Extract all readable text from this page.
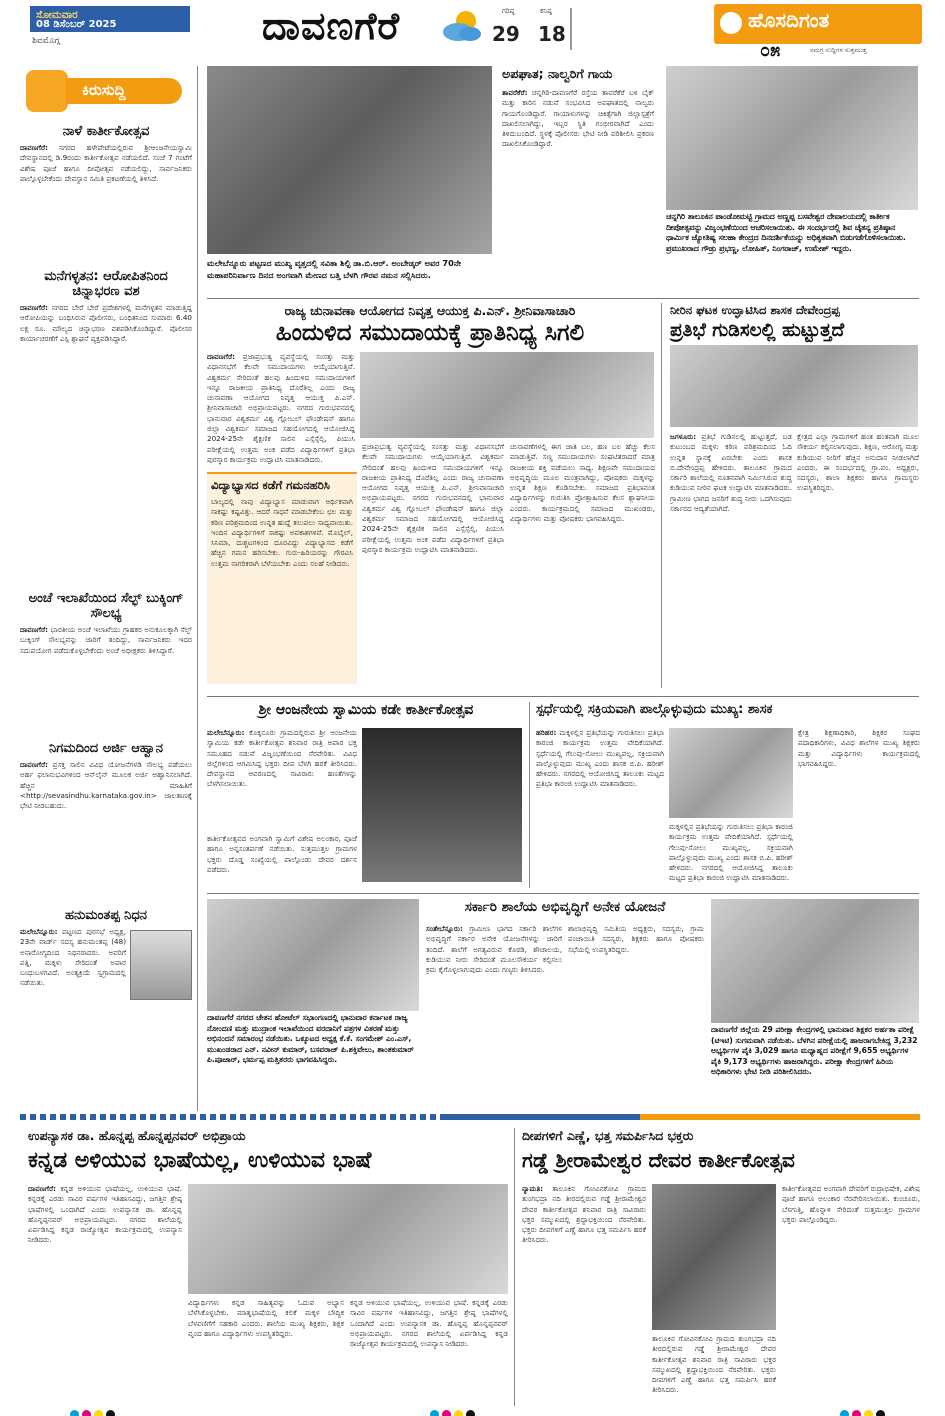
ಸೋಮವಾರ
08 ಡಿಸೆಂಬರ್ 2025
ಶಿವಮೊಗ್ಗ	ದಾವಣಗೆರೆ	ಗರಿಷ್ಠ
29
ಕನಿಷ್ಠ
18
ಹೊಸದಿಗಂತ
ಸಮಗ್ರ ಸುದ್ದಿಗಳ ಸುತ್ತಮುತ್ತ
೦೫
ಕಿರುಸುದ್ದಿ
ನಾಳೆ ಕಾರ್ತೀಕೋತ್ಸವ
ದಾವಣಗೆರೆ: ನಗರದ ಹಳೇಪೇಟೆಯಲ್ಲಿರುವ ಶ್ರೀಆಂಜನೇಯಸ್ವಾಮಿ ದೇವಸ್ಥಾನದಲ್ಲಿ ಡಿ.9ರಂದು ಕಾರ್ತೀಕೋತ್ಸವ ನಡೆಯಲಿದೆ. ಸಂಜೆ 7 ಗಂಟೆಗೆ ವಿಶೇಷ ಪೂಜೆ ಹಾಗೂ ದೀಪೋತ್ಸವ ನಡೆಯಲಿದ್ದು, ಸಾರ್ವಜನಿಕರು ಪಾಲ್ಗೊಳ್ಳಬೇಕೆಂದು ದೇವಸ್ಥಾನ ಸಮಿತಿ ಪ್ರಕಟಣೆಯಲ್ಲಿ ತಿಳಿಸಿದೆ.
ಮನೆಗಳ್ಳತನ: ಆರೋಪಿತನಿಂದ ಚಿನ್ನಾಭರಣ ವಶ
ದಾವಣಗೆರೆ: ನಗರದ ಬೇರೆ ಬೇರೆ ಪ್ರದೇಶಗಳಲ್ಲಿ ಮನೆಗಳ್ಳತನ ಮಾಡುತ್ತಿದ್ದ ಆರೋಪಿಯನ್ನು ಬಂಧಿಸಿರುವ ಪೊಲೀಸರು, ಬಂಧಿತನಿಂದ ಸುಮಾರು 6.40 ಲಕ್ಷ ರೂ. ಮೌಲ್ಯದ ಚಿನ್ನಾಭರಣ ವಶಪಡಿಸಿಕೊಂಡಿದ್ದಾರೆ. ಪೊಲೀಸರ ಕಾರ್ಯಾಚರಣೆಗೆ ಎಸ್ಪಿ ಶ್ಲಾಘನೆ ವ್ಯಕ್ತಪಡಿಸಿದ್ದಾರೆ.
ಅಂಚೆ ಇಲಾಖೆಯಿಂದ ಸೆಲ್ಫ್ ಬುಕ್ಕಿಂಗ್ ಸೌಲಭ್ಯ
ದಾವಣಗೆರೆ: ಭಾರತೀಯ ಅಂಚೆ ಇಲಾಖೆಯು ಗ್ರಾಹಕರ ಅನುಕೂಲಕ್ಕಾಗಿ ಸೆಲ್ಫ್ ಬುಕ್ಕಿಂಗ್ ಸೌಲಭ್ಯವನ್ನು ಜಾರಿಗೆ ತಂದಿದ್ದು, ಸಾರ್ವಜನಿಕರು ಇದರ ಸದುಪಯೋಗ ಪಡೆದುಕೊಳ್ಳಬೇಕೆಂದು ಅಂಚೆ ಅಧೀಕ್ಷಕರು ತಿಳಿಸಿದ್ದಾರೆ.
ನಿಗಮದಿಂದ ಅರ್ಜಿ ಆಹ್ವಾನ
ದಾವಣಗೆರೆ: ಪ್ರಸಕ್ತ ಸಾಲಿನ ವಿವಿಧ ಯೋಜನೆಗಳಡಿ ಸೌಲಭ್ಯ ಪಡೆಯಲು ಅರ್ಹ ಫಲಾನುಭವಿಗಳಿಂದ ಆನ್‌ಲೈನ್ ಮೂಲಕ ಅರ್ಜಿ ಆಹ್ವಾನಿಸಲಾಗಿದೆ. ಹೆಚ್ಚಿನ ಮಾಹಿತಿಗೆ <http://sevasindhu.karnataka.gov.in> ಜಾಲತಾಣಕ್ಕೆ ಭೇಟಿ ನೀಡಬಹುದು.
ಹನುಮಂತಪ್ಪ ನಿಧನ
ಮಲೇಬೆನ್ನೂರು: ಪಟ್ಟಣದ ಪುರಸಭೆ ಅಧ್ಯಕ್ಷ, 23ನೇ ವಾರ್ಡ್ ಸದಸ್ಯ ಹನುಮಂತಪ್ಪ (48) ಅನಾರೋಗ್ಯದಿಂದ ನಿಧನರಾದರು. ಅವರಿಗೆ ಪತ್ನಿ, ಮಕ್ಕಳು ಸೇರಿದಂತೆ ಅಪಾರ ಬಂಧುಬಳಗವಿದೆ. ಅಂತ್ಯಕ್ರಿಯೆ ಸ್ವಗ್ರಾಮದಲ್ಲಿ ನಡೆಯಿತು.
ಮಲೇಬೆನ್ನೂರು ಪಟ್ಟಣದ ಮುಖ್ಯ ವೃತ್ತದಲ್ಲಿ ಸವಿತಾ ಶಿಲ್ಪಿ ಡಾ.ಬಿ.ಆರ್. ಅಂಬೇಡ್ಕರ್ ಅವರ 70ನೇ ಮಹಾಪರಿನಿರ್ವಾಣ ದಿನದ ಅಂಗವಾಗಿ ಮೇಣದ ಬತ್ತಿ ಬೆಳಗಿ ಗೌರವ ನಮನ ಸಲ್ಲಿಸಿದರು.
ಅಪಘಾತ; ನಾಲ್ವರಿಗೆ ಗಾಯ
ತಾವರೆಕೆರೆ: ಚನ್ನಗಿರಿ-ದಾವಣಗೆರೆ ರಸ್ತೆಯ ತಾವರೆಕೆರೆ ಬಳಿ ಬೈಕ್ ಮತ್ತು ಕಾರಿನ ನಡುವೆ ಸಂಭವಿಸಿದ ಅಪಘಾತದಲ್ಲಿ ನಾಲ್ವರು ಗಾಯಗೊಂಡಿದ್ದಾರೆ. ಗಾಯಾಳುಗಳನ್ನು ಚಿಕಿತ್ಸೆಗಾಗಿ ಜಿಲ್ಲಾಸ್ಪತ್ರೆಗೆ ದಾಖಲಿಸಲಾಗಿದ್ದು, ಇಬ್ಬರ ಸ್ಥಿತಿ ಗಂಭೀರವಾಗಿದೆ ಎಂದು ತಿಳಿದುಬಂದಿದೆ. ಸ್ಥಳಕ್ಕೆ ಪೊಲೀಸರು ಭೇಟಿ ನೀಡಿ ಪರಿಶೀಲಿಸಿ ಪ್ರಕರಣ ದಾಖಲಿಸಿಕೊಂಡಿದ್ದಾರೆ.
ಚನ್ನಗಿರಿ ತಾಲೂಕಿನ ಪಾಂಡೋಮಟ್ಟಿ ಗ್ರಾಮದ ಅಣ್ಣಪ್ಪ ಬಸವೇಶ್ವರ ದೇವಾಲಯದಲ್ಲಿ ಕಾರ್ತೀಕ ದೀಪೋತ್ಸವನ್ನು ವಿಜೃಂಭಣೆಯಿಂದ ಆಚರಿಸಲಾಯಿತು. ಈ ಸಂದರ್ಭದಲ್ಲಿ ಶಿವ ಚೈತನ್ಯ ಪ್ರತಿಷ್ಠಾನ ಧಾರ್ಮಿಕ ಜ್ಯೋತಿಷ್ಯ ಸಲಹಾ ಕೇಂದ್ರದ ದಿನದರ್ಶಿಕೆಯನ್ನು ಅಧಿಕೃತವಾಗಿ ಬಿಡುಗಡೆಗೊಳಿಸಲಾಯಿತು. ಪ್ರಮುಖರಾದ ಗೌಡ್ರು ಪ್ರಭಣ್ಣ, ಲೋಹಿತ್, ನಿಂಗರಾಜ್, ಉಮೇಶ್ ಇದ್ದರು.
ರಾಜ್ಯ ಚುನಾವಣಾ ಆಯೋಗದ ನಿವೃತ್ತ ಆಯುಕ್ತ ಪಿ.ಎನ್. ಶ್ರೀನಿವಾಸಾಚಾರಿ
ಹಿಂದುಳಿದ ಸಮುದಾಯಕ್ಕೆ ಪ್ರಾತಿನಿಧ್ಯ ಸಿಗಲಿ
ದಾವಣಗೆರೆ: ಪ್ರಜಾಪ್ರಭುತ್ವ ವ್ಯವಸ್ಥೆಯಲ್ಲಿ ಸಂಸತ್ತು ಮತ್ತು ವಿಧಾನಸಭೆಗೆ ಕೆಲವೇ ಸಮುದಾಯಗಳು ಆಯ್ಕೆಯಾಗುತ್ತಿವೆ. ವಿಶ್ವಕರ್ಮ ಸೇರಿದಂತೆ ಹಲವು ಹಿಂದುಳಿದ ಸಮುದಾಯಗಳಿಗೆ ಇನ್ನೂ ರಾಜಕೀಯ ಪ್ರಾತಿನಿಧ್ಯ ದೊರೆತಿಲ್ಲ ಎಂದು ರಾಜ್ಯ ಚುನಾವಣಾ ಆಯೋಗದ ನಿವೃತ್ತ ಆಯುಕ್ತ ಪಿ.ಎನ್. ಶ್ರೀನಿವಾಸಾಚಾರಿ ಅಭಿಪ್ರಾಯಪಟ್ಟರು. ನಗರದ ಗುರುಭವನದಲ್ಲಿ ಭಾನುವಾರ ವಿಶ್ವಕರ್ಮ ವಿಶ್ವ ಗ್ಲೋಬಲ್ ಫೌಂಡೇಷನ್ ಹಾಗೂ ಜಿಲ್ಲಾ ವಿಶ್ವಕರ್ಮ ಸಮಾಜದ ಸಹಯೋಗದಲ್ಲಿ ಆಯೋಜಿಸಿದ್ದ 2024-25ನೇ ಶೈಕ್ಷಣಿಕ ಸಾಲಿನ ಎಸ್ಸೆಸ್ಸೆಲ್ಸಿ, ಪಿಯುಸಿ ಪರೀಕ್ಷೆಯಲ್ಲಿ ಉತ್ತಮ ಅಂಕ ಪಡೆದ ವಿದ್ಯಾರ್ಥಿಗಳಿಗೆ ಪ್ರತಿಭಾ ಪುರಸ್ಕಾರ ಕಾರ್ಯಕ್ರಮ ಉದ್ಘಾಟಿಸಿ ಮಾತನಾಡಿದರು.
ವಿದ್ಯಾಭ್ಯಾಸದ ಕಡೆಗೆ ಗಮನಹರಿಸಿ
ಬಾಲ್ಯದಲ್ಲಿ ನಾವು ವಿದ್ಯಾಭ್ಯಾಸ ಮಾಡುವಾಗ ಆರ್ಥಿಕವಾಗಿ ಸಾಕಷ್ಟು ಕಷ್ಟವಿತ್ತು. ಆದರೆ ಸಾಧನೆ ಮಾಡಬೇಕೆಂಬ ಛಲ ಮತ್ತು ಕಠಿಣ ಪರಿಶ್ರಮದಿಂದ ಉನ್ನತ ಹುದ್ದೆ ತಲುಪಲು ಸಾಧ್ಯವಾಯಿತು. ಇಂದಿನ ವಿದ್ಯಾರ್ಥಿಗಳಿಗೆ ಸಾಕಷ್ಟು ಅವಕಾಶಗಳಿವೆ. ಮೊಬೈಲ್, ಸಿನಿಮಾ, ದುಶ್ಚಟಗಳಿಂದ ದೂರವಿದ್ದು ವಿದ್ಯಾಭ್ಯಾಸದ ಕಡೆಗೆ ಹೆಚ್ಚಿನ ಗಮನ ಹರಿಸಬೇಕು. ಗುರು-ಹಿರಿಯರನ್ನು ಗೌರವಿಸಿ ಉತ್ತಮ ನಾಗರಿಕರಾಗಿ ಬೆಳೆಯಬೇಕು ಎಂದು ಸಲಹೆ ನೀಡಿದರು.
ಪ್ರಜಾಪ್ರಭುತ್ವ ವ್ಯವಸ್ಥೆಯಲ್ಲಿ ಸಂಸತ್ತು ಮತ್ತು ವಿಧಾನಸಭೆಗೆ ಕೆಲವೇ ಸಮುದಾಯಗಳು ಆಯ್ಕೆಯಾಗುತ್ತಿವೆ. ವಿಶ್ವಕರ್ಮ ಸೇರಿದಂತೆ ಹಲವು ಹಿಂದುಳಿದ ಸಮುದಾಯಗಳಿಗೆ ಇನ್ನೂ ರಾಜಕೀಯ ಪ್ರಾತಿನಿಧ್ಯ ದೊರೆತಿಲ್ಲ ಎಂದು ರಾಜ್ಯ ಚುನಾವಣಾ ಆಯೋಗದ ನಿವೃತ್ತ ಆಯುಕ್ತ ಪಿ.ಎನ್. ಶ್ರೀನಿವಾಸಾಚಾರಿ ಅಭಿಪ್ರಾಯಪಟ್ಟರು. ನಗರದ ಗುರುಭವನದಲ್ಲಿ ಭಾನುವಾರ ವಿಶ್ವಕರ್ಮ ವಿಶ್ವ ಗ್ಲೋಬಲ್ ಫೌಂಡೇಷನ್ ಹಾಗೂ ಜಿಲ್ಲಾ ವಿಶ್ವಕರ್ಮ ಸಮಾಜದ ಸಹಯೋಗದಲ್ಲಿ ಆಯೋಜಿಸಿದ್ದ 2024-25ನೇ ಶೈಕ್ಷಣಿಕ ಸಾಲಿನ ಎಸ್ಸೆಸ್ಸೆಲ್ಸಿ, ಪಿಯುಸಿ ಪರೀಕ್ಷೆಯಲ್ಲಿ ಉತ್ತಮ ಅಂಕ ಪಡೆದ ವಿದ್ಯಾರ್ಥಿಗಳಿಗೆ ಪ್ರತಿಭಾ ಪುರಸ್ಕಾರ ಕಾರ್ಯಕ್ರಮ ಉದ್ಘಾಟಿಸಿ ಮಾತನಾಡಿದರು.
ಚುನಾವಣೆಗಳಲ್ಲಿ ಈಗ ಜಾತಿ ಬಲ, ಹಣ ಬಲ ಹೆಚ್ಚು ಕೆಲಸ ಮಾಡುತ್ತಿವೆ. ಸಣ್ಣ ಸಮುದಾಯಗಳು ಸಂಘಟಿತರಾದರೆ ಮಾತ್ರ ರಾಜಕೀಯ ಶಕ್ತಿ ಪಡೆಯಲು ಸಾಧ್ಯ. ಶಿಕ್ಷಣವೇ ಸಮುದಾಯದ ಅಭಿವೃದ್ಧಿಯ ಮೂಲ ಮಂತ್ರವಾಗಿದ್ದು, ಪೋಷಕರು ಮಕ್ಕಳನ್ನು ಉನ್ನತ ಶಿಕ್ಷಣ ಕೊಡಿಸಬೇಕು. ಸಮಾಜದ ಪ್ರತಿಭಾವಂತ ವಿದ್ಯಾರ್ಥಿಗಳನ್ನು ಗುರುತಿಸಿ ಪ್ರೋತ್ಸಾಹಿಸುವ ಕೆಲಸ ಶ್ಲಾಘನೀಯ ಎಂದರು. ಕಾರ್ಯಕ್ರಮದಲ್ಲಿ ಸಮಾಜದ ಮುಖಂಡರು, ವಿದ್ಯಾರ್ಥಿಗಳು ಮತ್ತು ಪೋಷಕರು ಭಾಗವಹಿಸಿದ್ದರು.
ನೀರಿನ ಘಟಕ ಉದ್ಘಾಟಿಸಿದ ಶಾಸಕ ದೇವೇಂದ್ರಪ್ಪ
ಪ್ರತಿಭೆ ಗುಡಿಸಲಲ್ಲಿ ಹುಟ್ಟುತ್ತದೆ
ಜಗಳೂರು: ಪ್ರತಿಭೆ ಗುಡಿಸಲಲ್ಲಿ ಹುಟ್ಟುತ್ತದೆ, ಬಡ ಕುಟುಂಬದ ಮಕ್ಕಳು ಕಠಿಣ ಪರಿಶ್ರಮದಿಂದ ಓದಿ ಉನ್ನತ ಸ್ಥಾನಕ್ಕೆ ಏರಬೇಕು ಎಂದು ಶಾಸಕ ಬಿ.ದೇವೇಂದ್ರಪ್ಪ ಹೇಳಿದರು. ತಾಲೂಕಿನ ಗ್ರಾಮದ ಸರ್ಕಾರಿ ಶಾಲೆಯಲ್ಲಿ ನೂತನವಾಗಿ ನಿರ್ಮಿಸಿರುವ ಶುದ್ಧ ಕುಡಿಯುವ ನೀರಿನ ಘಟಕ ಉದ್ಘಾಟಿಸಿ ಮಾತನಾಡಿದರು. ಗ್ರಾಮೀಣ ಭಾಗದ ಜನರಿಗೆ ಶುದ್ಧ ನೀರು ಒದಗಿಸುವುದು ಸರ್ಕಾರದ ಆದ್ಯತೆಯಾಗಿದೆ.
ಕ್ಷೇತ್ರದ ಎಲ್ಲಾ ಗ್ರಾಮಗಳಿಗೆ ಹಂತ ಹಂತವಾಗಿ ಮೂಲ ಸೌಕರ್ಯ ಕಲ್ಪಿಸಲಾಗುವುದು. ಶಿಕ್ಷಣ, ಆರೋಗ್ಯ ಮತ್ತು ಕುಡಿಯುವ ನೀರಿಗೆ ಹೆಚ್ಚಿನ ಅನುದಾನ ನೀಡಲಾಗಿದೆ ಎಂದರು. ಈ ಸಂದರ್ಭದಲ್ಲಿ ಗ್ರಾ.ಪಂ. ಅಧ್ಯಕ್ಷರು, ಸದಸ್ಯರು, ಶಾಲಾ ಶಿಕ್ಷಕರು ಹಾಗೂ ಗ್ರಾಮಸ್ಥರು ಉಪಸ್ಥಿತರಿದ್ದರು.
ಶ್ರೀ ಆಂಜನೇಯ ಸ್ವಾಮಿಯ ಕಡೇ ಕಾರ್ತೀಕೋತ್ಸವ
ಮಲೇಬೆನ್ನೂರು: ಕೊಕ್ಕನೂರು ಗ್ರಾಮದಲ್ಲಿರುವ ಶ್ರೀ ಆಂಜನೇಯ ಸ್ವಾಮಿಯ ಕಡೇ ಕಾರ್ತೀಕೋತ್ಸವ ಶನಿವಾರ ರಾತ್ರಿ ಅಪಾರ ಭಕ್ತ ಸಮೂಹದ ನಡುವೆ ವಿಜೃಂಭಣೆಯಿಂದ ನೆರವೇರಿತು. ವಿವಿಧ ಜಿಲ್ಲೆಗಳಿಂದ ಆಗಮಿಸಿದ್ದ ಭಕ್ತರು ದೀಪ ಬೆಳಗಿ ಹರಕೆ ತೀರಿಸಿದರು. ದೇವಸ್ಥಾನದ ಆವರಣದಲ್ಲಿ ಸಾವಿರಾರು ಹಣತೆಗಳನ್ನು ಬೆಳಗಿಸಲಾಯಿತು.
ಕಾರ್ತೀಕೋತ್ಸವದ ಅಂಗವಾಗಿ ಸ್ವಾಮಿಗೆ ವಿಶೇಷ ಅಲಂಕಾರ, ಪೂಜೆ ಹಾಗೂ ಅನ್ನಸಂತರ್ಪಣೆ ನಡೆಯಿತು. ಸುತ್ತಮುತ್ತಲ ಗ್ರಾಮಗಳ ಭಕ್ತರು ದೊಡ್ಡ ಸಂಖ್ಯೆಯಲ್ಲಿ ಪಾಲ್ಗೊಂಡು ದೇವರ ದರ್ಶನ ಪಡೆದರು.
ಸ್ಪರ್ಧೆಯಲ್ಲಿ ಸಕ್ರಿಯವಾಗಿ ಪಾಲ್ಗೊಳ್ಳುವುದು ಮುಖ್ಯ: ಶಾಸಕ
ಹರಿಹರ: ಮಕ್ಕಳಲ್ಲಿನ ಪ್ರತಿಭೆಯನ್ನು ಗುರುತಿಸಲು ಪ್ರತಿಭಾ ಕಾರಂಜಿ ಕಾರ್ಯಕ್ರಮ ಉತ್ತಮ ವೇದಿಕೆಯಾಗಿದೆ. ಸ್ಪರ್ಧೆಯಲ್ಲಿ ಗೆಲುವು-ಸೋಲು ಮುಖ್ಯವಲ್ಲ, ಸಕ್ರಿಯವಾಗಿ ಪಾಲ್ಗೊಳ್ಳುವುದು ಮುಖ್ಯ ಎಂದು ಶಾಸಕ ಬಿ.ಪಿ. ಹರೀಶ್ ಹೇಳಿದರು. ನಗರದಲ್ಲಿ ಆಯೋಜಿಸಿದ್ದ ತಾಲೂಕು ಮಟ್ಟದ ಪ್ರತಿಭಾ ಕಾರಂಜಿ ಉದ್ಘಾಟಿಸಿ ಮಾತನಾಡಿದರು.
ಕ್ಷೇತ್ರ ಶಿಕ್ಷಣಾಧಿಕಾರಿ, ಶಿಕ್ಷಕರ ಸಂಘದ ಪದಾಧಿಕಾರಿಗಳು, ವಿವಿಧ ಶಾಲೆಗಳ ಮುಖ್ಯ ಶಿಕ್ಷಕರು ಮತ್ತು ವಿದ್ಯಾರ್ಥಿಗಳು ಕಾರ್ಯಕ್ರಮದಲ್ಲಿ ಭಾಗವಹಿಸಿದ್ದರು.
ಮಕ್ಕಳಲ್ಲಿನ ಪ್ರತಿಭೆಯನ್ನು ಗುರುತಿಸಲು ಪ್ರತಿಭಾ ಕಾರಂಜಿ ಕಾರ್ಯಕ್ರಮ ಉತ್ತಮ ವೇದಿಕೆಯಾಗಿದೆ. ಸ್ಪರ್ಧೆಯಲ್ಲಿ ಗೆಲುವು-ಸೋಲು ಮುಖ್ಯವಲ್ಲ, ಸಕ್ರಿಯವಾಗಿ ಪಾಲ್ಗೊಳ್ಳುವುದು ಮುಖ್ಯ ಎಂದು ಶಾಸಕ ಬಿ.ಪಿ. ಹರೀಶ್ ಹೇಳಿದರು. ನಗರದಲ್ಲಿ ಆಯೋಜಿಸಿದ್ದ ತಾಲೂಕು ಮಟ್ಟದ ಪ್ರತಿಭಾ ಕಾರಂಜಿ ಉದ್ಘಾಟಿಸಿ ಮಾತನಾಡಿದರು.
ದಾವಣಗೆರೆ ನಗರದ ಚೇತನ ಹೋಟೆಲ್ ಸಭಾಂಗಣದಲ್ಲಿ ಭಾನುವಾರ ಕರ್ನಾಟಕ ರಾಜ್ಯ ನೋಂದಣಿ ಮತ್ತು ಮುದ್ರಾಂಕ ಇಲಾಖೆಯಿಂದ ವರದಾನಿಗೆ ಪತ್ರಗಳ ವಿತರಣೆ ಮತ್ತು ಅಭಿನಂದನೆ ಸಮಾರಂಭ ನಡೆಯಿತು. ಒಕ್ಕೂಟದ ಅಧ್ಯಕ್ಷ ಕೆ.ಕೆ. ಸಂಗಮೇಶ್ ಎಂ.ಎಸ್, ಮುಖಂಡರಾದ ಎನ್. ನವೀನ್ ಕುಮಾರ್, ಬಸವರಾಜ್ ಪಿ.ಶಕ್ತಿವೇಲು, ಶಾಂತಕುಮಾರ್ ಪಿ.ಪೂಜಾರ್, ಭರ್ಮಪ್ಪ ಮತ್ತಿತರರು ಭಾಗವಹಿಸಿದ್ದರು.
ಸರ್ಕಾರಿ ಶಾಲೆಯ ಅಭಿವೃದ್ಧಿಗೆ ಅನೇಕ ಯೋಜನೆ
ಸಂತೇಬೆನ್ನೂರು: ಗ್ರಾಮೀಣ ಭಾಗದ ಸರ್ಕಾರಿ ಶಾಲೆಗಳ ಅಭಿವೃದ್ಧಿಗೆ ಸರ್ಕಾರ ಅನೇಕ ಯೋಜನೆಗಳನ್ನು ಜಾರಿಗೆ ತಂದಿದೆ. ಶಾಲೆಗೆ ಅಗತ್ಯವಿರುವ ಕೊಠಡಿ, ಶೌಚಾಲಯ, ಕುಡಿಯುವ ನೀರು ಸೇರಿದಂತೆ ಮೂಲಸೌಕರ್ಯ ಕಲ್ಪಿಸಲು ಕ್ರಮ ಕೈಗೊಳ್ಳಲಾಗುವುದು ಎಂದು ಗಣ್ಯರು ತಿಳಿಸಿದರು.
ಶಾಲಾಭಿವೃದ್ಧಿ ಸಮಿತಿಯ ಅಧ್ಯಕ್ಷರು, ಸದಸ್ಯರು, ಗ್ರಾಮ ಪಂಚಾಯಿತಿ ಸದಸ್ಯರು, ಶಿಕ್ಷಕರು ಹಾಗೂ ಪೋಷಕರು ಸಭೆಯಲ್ಲಿ ಉಪಸ್ಥಿತರಿದ್ದರು.
ದಾವಣಗೆರೆ ಜಿಲ್ಲೆಯ 29 ಪರೀಕ್ಷಾ ಕೇಂದ್ರಗಳಲ್ಲಿ ಭಾನುವಾರ ಶಿಕ್ಷಕರ ಅರ್ಹತಾ ಪರೀಕ್ಷೆ (ಟಿಇಟಿ) ಸುಗಮವಾಗಿ ನಡೆಯಿತು. ಬೆಳಗಿನ ಪರೀಕ್ಷೆಯಲ್ಲಿ ಹಾಜರಾಗಬೇಕಿದ್ದ 3,232 ಅಭ್ಯರ್ಥಿಗಳ ಪೈಕಿ 3,029 ಹಾಗೂ ಮಧ್ಯಾಹ್ನದ ಪರೀಕ್ಷೆಗೆ 9,655 ಅಭ್ಯರ್ಥಿಗಳ ಪೈಕಿ 9,173 ಅಭ್ಯರ್ಥಿಗಳು ಹಾಜರಾಗಿದ್ದರು. ಪರೀಕ್ಷಾ ಕೇಂದ್ರಗಳಿಗೆ ಹಿರಿಯ ಅಧಿಕಾರಿಗಳು ಭೇಟಿ ನೀಡಿ ಪರಿಶೀಲಿಸಿದರು.
ಉಪನ್ಯಾಸಕ ಡಾ. ಹೊನ್ನಪ್ಪ ಹೊನ್ನಪ್ಪನವರ್ ಅಭಿಪ್ರಾಯ
ಕನ್ನಡ ಅಳಿಯುವ ಭಾಷೆಯಲ್ಲ, ಉಳಿಯುವ ಭಾಷೆ
ದಾವಣಗೆರೆ: ಕನ್ನಡ ಅಳಿಯುವ ಭಾಷೆಯಲ್ಲ, ಉಳಿಯುವ ಭಾಷೆ. ಕನ್ನಡಕ್ಕೆ ಎರಡು ಸಾವಿರ ವರ್ಷಗಳ ಇತಿಹಾಸವಿದ್ದು, ಜಗತ್ತಿನ ಶ್ರೇಷ್ಠ ಭಾಷೆಗಳಲ್ಲಿ ಒಂದಾಗಿದೆ ಎಂದು ಉಪನ್ಯಾಸಕ ಡಾ. ಹೊನ್ನಪ್ಪ ಹೊನ್ನಪ್ಪನವರ್ ಅಭಿಪ್ರಾಯಪಟ್ಟರು. ನಗರದ ಶಾಲೆಯಲ್ಲಿ ಏರ್ಪಡಿಸಿದ್ದ ಕನ್ನಡ ರಾಜ್ಯೋತ್ಸವ ಕಾರ್ಯಕ್ರಮದಲ್ಲಿ ಉಪನ್ಯಾಸ ನೀಡಿದರು.
ವಿದ್ಯಾರ್ಥಿಗಳು ಕನ್ನಡ ಸಾಹಿತ್ಯವನ್ನು ಓದುವ ಅಭ್ಯಾಸ ಬೆಳೆಸಿಕೊಳ್ಳಬೇಕು. ಮಾತೃಭಾಷೆಯಲ್ಲಿ ಕಲಿಕೆ ಮಕ್ಕಳ ಬೌದ್ಧಿಕ ಬೆಳವಣಿಗೆಗೆ ಸಹಕಾರಿ ಎಂದರು. ಶಾಲೆಯ ಮುಖ್ಯ ಶಿಕ್ಷಕರು, ಶಿಕ್ಷಕ ವೃಂದ ಹಾಗೂ ವಿದ್ಯಾರ್ಥಿಗಳು ಉಪಸ್ಥಿತರಿದ್ದರು.
ಕನ್ನಡ ಅಳಿಯುವ ಭಾಷೆಯಲ್ಲ, ಉಳಿಯುವ ಭಾಷೆ. ಕನ್ನಡಕ್ಕೆ ಎರಡು ಸಾವಿರ ವರ್ಷಗಳ ಇತಿಹಾಸವಿದ್ದು, ಜಗತ್ತಿನ ಶ್ರೇಷ್ಠ ಭಾಷೆಗಳಲ್ಲಿ ಒಂದಾಗಿದೆ ಎಂದು ಉಪನ್ಯಾಸಕ ಡಾ. ಹೊನ್ನಪ್ಪ ಹೊನ್ನಪ್ಪನವರ್ ಅಭಿಪ್ರಾಯಪಟ್ಟರು. ನಗರದ ಶಾಲೆಯಲ್ಲಿ ಏರ್ಪಡಿಸಿದ್ದ ಕನ್ನಡ ರಾಜ್ಯೋತ್ಸವ ಕಾರ್ಯಕ್ರಮದಲ್ಲಿ ಉಪನ್ಯಾಸ ನೀಡಿದರು.
ದೀಪಗಳಿಗೆ ಎಣ್ಣೆ, ಭತ್ತ ಸಮರ್ಪಿಸಿದ ಭಕ್ತರು
ಗಡ್ಡೆ ಶ್ರೀರಾಮೇಶ್ವರ ದೇವರ ಕಾರ್ತೀಕೋತ್ಸವ
ನ್ಯಾಮತಿ: ತಾಲೂಕಿನ ಗೋವಿನಕೋವಿ ಗ್ರಾಮದ ತುಂಗಭದ್ರಾ ನದಿ ತೀರದಲ್ಲಿರುವ ಗಡ್ಡೆ ಶ್ರೀರಾಮೇಶ್ವರ ದೇವರ ಕಾರ್ತೀಕೋತ್ಸವ ಶನಿವಾರ ರಾತ್ರಿ ಸಾವಿರಾರು ಭಕ್ತರ ಸಮ್ಮುಖದಲ್ಲಿ ಶ್ರದ್ಧಾಭಕ್ತಿಯಿಂದ ನೆರವೇರಿತು. ಭಕ್ತರು ದೀಪಗಳಿಗೆ ಎಣ್ಣೆ ಹಾಗೂ ಭತ್ತ ಸಮರ್ಪಿಸಿ ಹರಕೆ ತೀರಿಸಿದರು.
ಕಾರ್ತೀಕೋತ್ಸವದ ಅಂಗವಾಗಿ ದೇವರಿಗೆ ರುದ್ರಾಭಿಷೇಕ, ವಿಶೇಷ ಪೂಜೆ ಹಾಗೂ ಅಲಂಕಾರ ನೆರವೇರಿಸಲಾಯಿತು. ಕುಂಚೂರು, ಬೆಳಗುತ್ತಿ, ಹೊನ್ನಾಳಿ ಸೇರಿದಂತೆ ಸುತ್ತಮುತ್ತಲ ಗ್ರಾಮಗಳ ಭಕ್ತರು ಪಾಲ್ಗೊಂಡಿದ್ದರು.
ತಾಲೂಕಿನ ಗೋವಿನಕೋವಿ ಗ್ರಾಮದ ತುಂಗಭದ್ರಾ ನದಿ ತೀರದಲ್ಲಿರುವ ಗಡ್ಡೆ ಶ್ರೀರಾಮೇಶ್ವರ ದೇವರ ಕಾರ್ತೀಕೋತ್ಸವ ಶನಿವಾರ ರಾತ್ರಿ ಸಾವಿರಾರು ಭಕ್ತರ ಸಮ್ಮುಖದಲ್ಲಿ ಶ್ರದ್ಧಾಭಕ್ತಿಯಿಂದ ನೆರವೇರಿತು. ಭಕ್ತರು ದೀಪಗಳಿಗೆ ಎಣ್ಣೆ ಹಾಗೂ ಭತ್ತ ಸಮರ್ಪಿಸಿ ಹರಕೆ ತೀರಿಸಿದರು.
